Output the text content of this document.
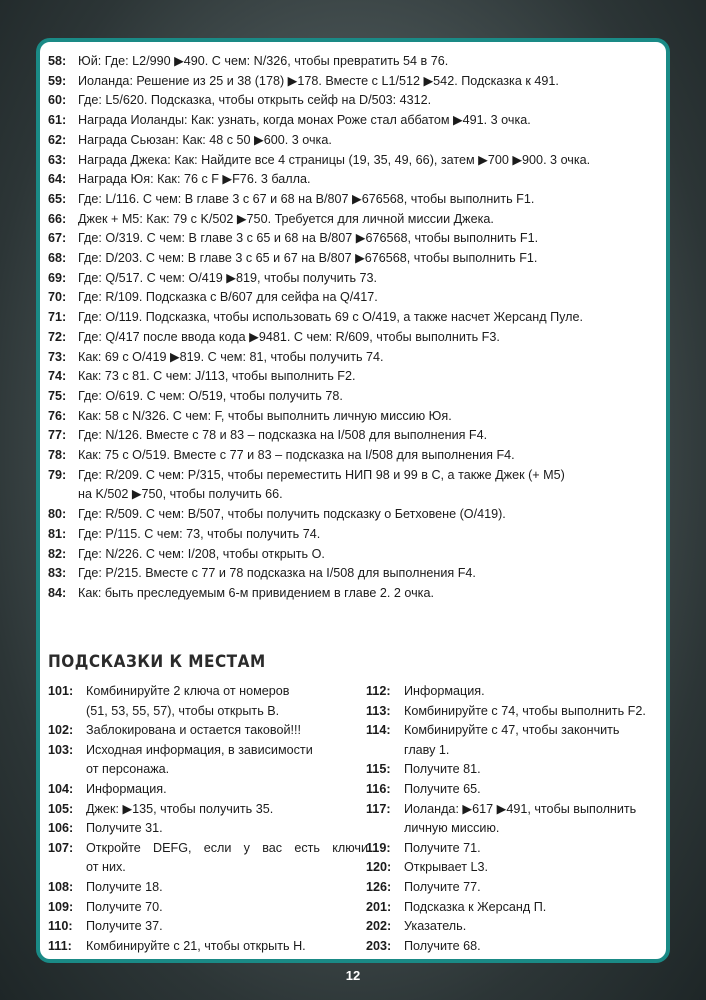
58: Юй: Где: L2/990 ▶490. С чем: N/326, чтобы превратить 54 в 76.
59: Иоланда: Решение из 25 и 38 (178) ▶178. Вместе с L1/512 ▶542. Подсказка к 491.
60: Где: L5/620. Подсказка, чтобы открыть сейф на D/503: 4312.
61: Награда Иоланды: Как: узнать, когда монах Роже стал аббатом ▶491. 3 очка.
62: Награда Сьюзан: Как: 48 с 50 ▶600. 3 очка.
63: Награда Джека: Как: Найдите все 4 страницы (19, 35, 49, 66), затем ▶700 ▶900. 3 очка.
64: Награда Юя: Как: 76 с F ▶F76. 3 балла.
65: Где: L/116. С чем: В главе 3 с 67 и 68 на B/807 ▶676568, чтобы выполнить F1.
66: Джек + M5: Как: 79 с K/502 ▶750. Требуется для личной миссии Джека.
67: Где: O/319. С чем: В главе 3 с 65 и 68 на B/807 ▶676568, чтобы выполнить F1.
68: Где: D/203. С чем: В главе 3 с 65 и 67 на B/807 ▶676568, чтобы выполнить F1.
69: Где: Q/517. С чем: O/419 ▶819, чтобы получить 73.
70: Где: R/109. Подсказка с B/607 для сейфа на Q/417.
71: Где: O/119. Подсказка, чтобы использовать 69 с O/419, а также насчет Жерсанд Пуле.
72: Где: Q/417 после ввода кода ▶9481. С чем: R/609, чтобы выполнить F3.
73: Как: 69 с O/419 ▶819. С чем: 81, чтобы получить 74.
74: Как: 73 с 81. С чем: J/113, чтобы выполнить F2.
75: Где: O/619. С чем: O/519, чтобы получить 78.
76: Как: 58 с N/326. С чем: F, чтобы выполнить личную миссию Юя.
77: Где: N/126. Вместе с 78 и 83 – подсказка на I/508 для выполнения F4.
78: Как: 75 с O/519. Вместе с 77 и 83 – подсказка на I/508 для выполнения F4.
79: Где: R/209. С чем: P/315, чтобы переместить НИП 98 и 99 в C, а также Джек (+ M5)
на K/502 ▶750, чтобы получить 66.
80: Где: R/509. С чем: B/507, чтобы получить подсказку о Бетховене (O/419).
81: Где: P/115. С чем: 73, чтобы получить 74.
82: Где: N/226. С чем: I/208, чтобы открыть O.
83: Где: P/215. Вместе с 77 и 78 подсказка на I/508 для выполнения F4.
84: Как: быть преследуемым 6-м привидением в главе 2. 2 очка.
ПОДСКАЗКИ К МЕСТАМ
101:	Комбинируйте 2 ключа от номеров
(51, 53, 55, 57), чтобы открыть B.
102:	Заблокирована и остается таковой!!!
103:	Исходная информация, в зависимости
от персонажа.
104:	Информация.
105:	Джек: ▶135, чтобы получить 35.
106:	Получите 31.
107:	Откройте DEFG, если у вас есть ключи
от них.
108:	Получите 18.
109:	Получите 70.
110:	Получите 37.
111:	Комбинируйте с 21, чтобы открыть H.
112:	Информация.
113:	Комбинируйте с 74, чтобы выполнить F2.
114:	Комбинируйте с 47, чтобы закончить
главу 1.
115:	Получите 81.
116:	Получите 65.
117:	Иоланда: ▶617 ▶491, чтобы выполнить
личную миссию.
119:	Получите 71.
120:	Открывает L3.
126:	Получите 77.
201:	Подсказка к Жерсанд П.
202:	Указатель.
203:	Получите 68.
12
